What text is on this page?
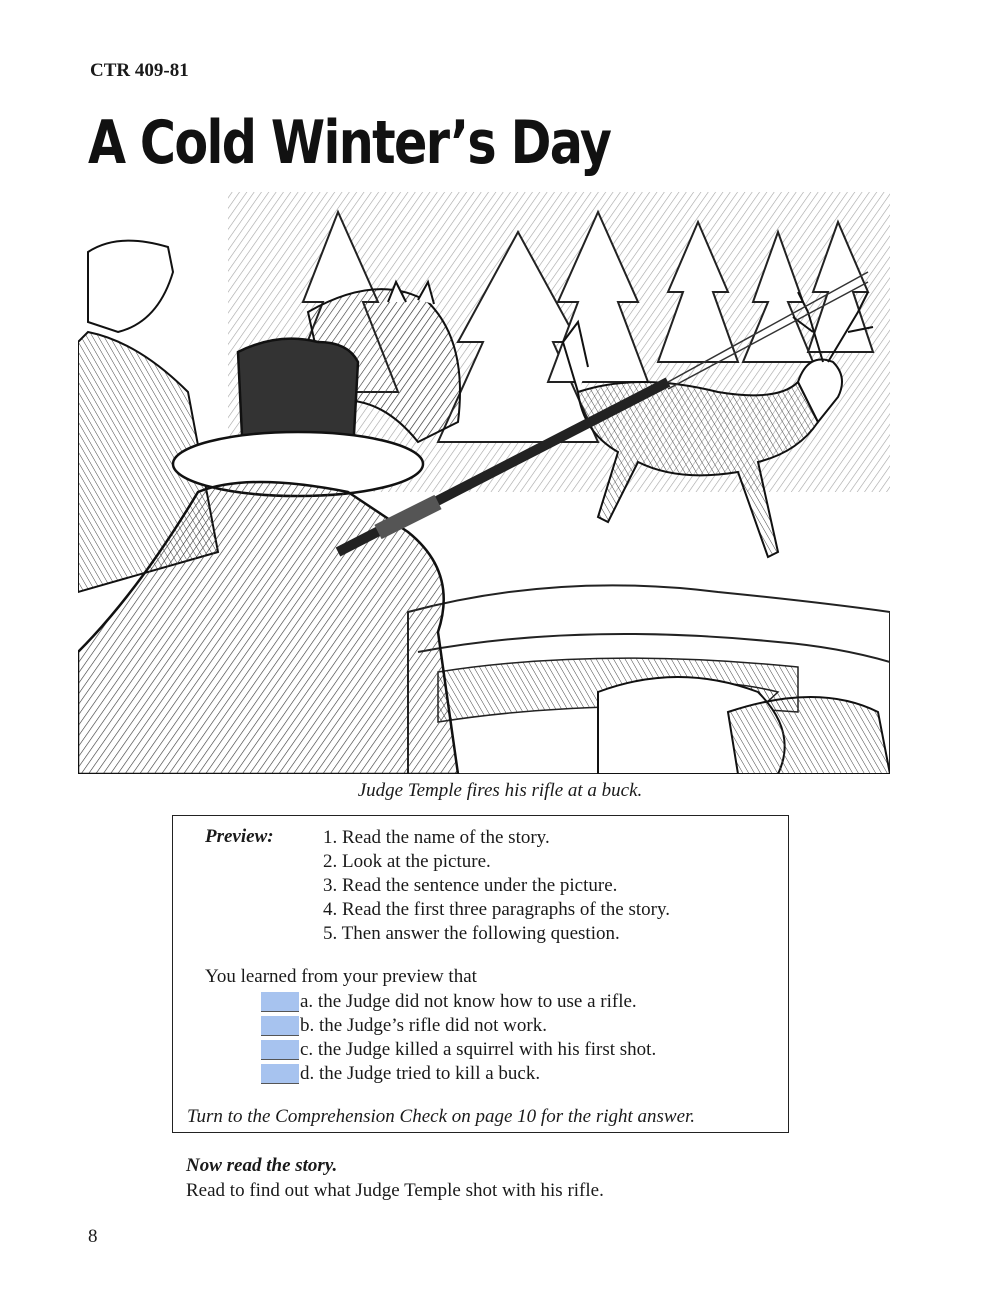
CTR 409-81
A Cold Winter’s Day
Judge Temple fires his rifle at a buck.
Preview:	1. Read the name of the story.
2. Look at the picture.
3. Read the sentence under the picture.
4. Read the first three paragraphs of the story.
5. Then answer the following question.
You learned from your preview that
a. the Judge did not know how to use a rifle.
b. the Judge’s rifle did not work.
c. the Judge killed a squirrel with his first shot.
d. the Judge tried to kill a buck.
Turn to the Comprehension Check on page 10 for the right answer.
Now read the story.
Read to find out what Judge Temple shot with his rifle.
8
